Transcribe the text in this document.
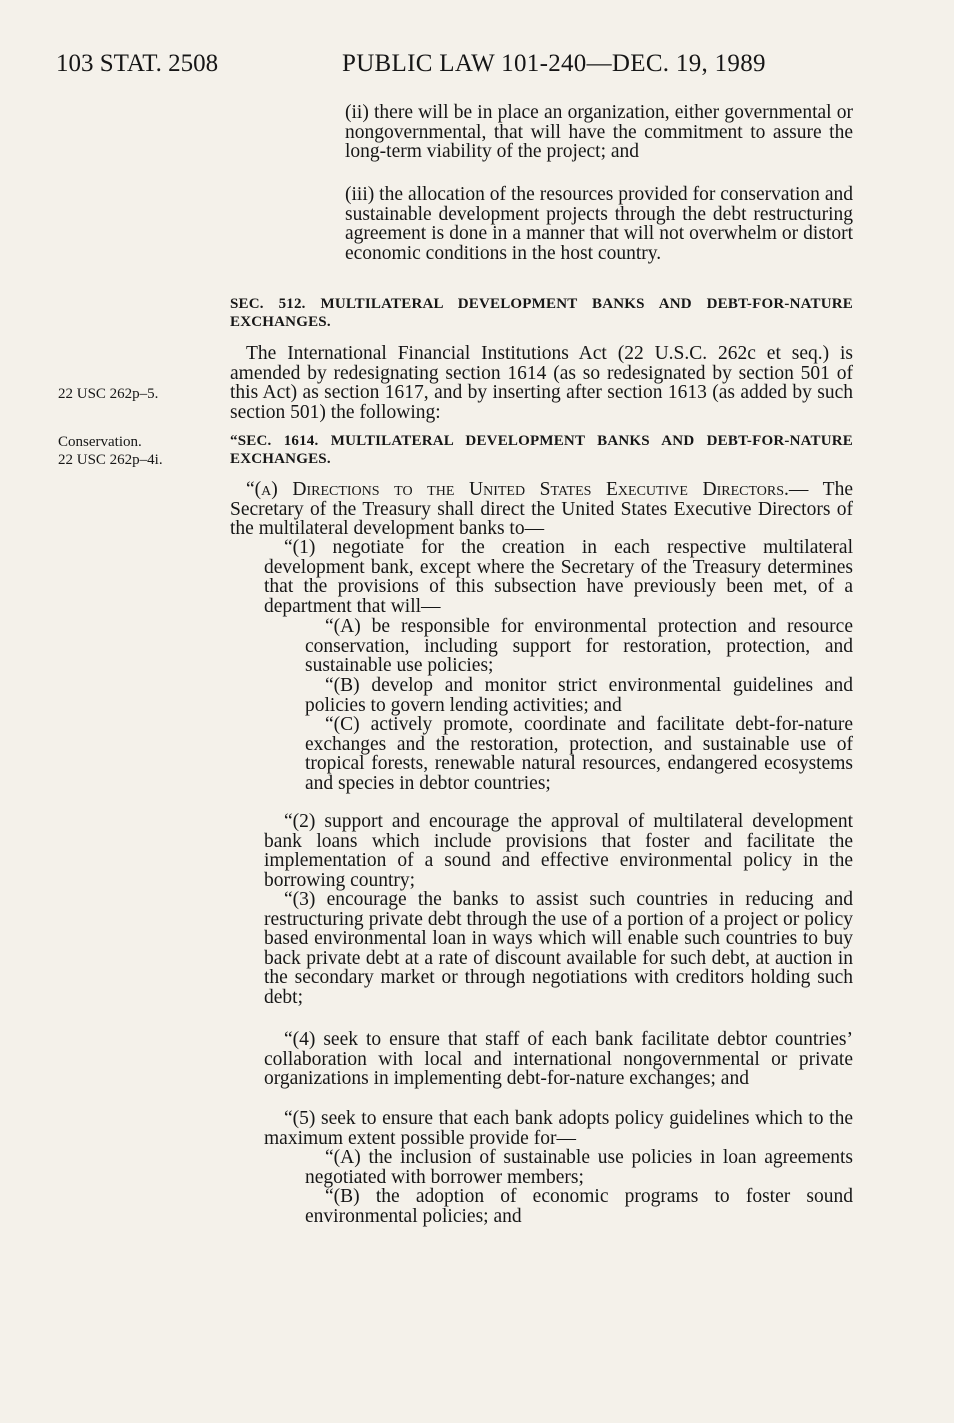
103 STAT. 2508	PUBLIC LAW 101-240—DEC. 19, 1989

(ii) there will be in place an organization, either governmental or nongovernmental, that will have the commitment to assure the long-term viability of the project; and

(iii) the allocation of the resources provided for conservation and sustainable development projects through the debt restructuring agreement is done in a manner that will not overwhelm or distort economic conditions in the host country.

SEC. 512. MULTILATERAL DEVELOPMENT BANKS AND DEBT-FOR-NATURE EXCHANGES.

The International Financial Institutions Act (22 U.S.C. 262c et seq.) is amended by redesignating section 1614 (as so redesignated by section 501 of this Act) as section 1617, and by inserting after section 1613 (as added by such section 501) the following:

“SEC. 1614. MULTILATERAL DEVELOPMENT BANKS AND DEBT-FOR-NATURE EXCHANGES.

“(a) Directions to the United States Executive Directors.— The Secretary of the Treasury shall direct the United States Executive Directors of the multilateral development banks to—

“(1) negotiate for the creation in each respective multilateral development bank, except where the Secretary of the Treasury determines that the provisions of this subsection have previously been met, of a department that will—

“(A) be responsible for environmental protection and resource conservation, including support for restoration, protection, and sustainable use policies;

“(B) develop and monitor strict environmental guidelines and policies to govern lending activities; and

“(C) actively promote, coordinate and facilitate debt-for-nature exchanges and the restoration, protection, and sustainable use of tropical forests, renewable natural resources, endangered ecosystems and species in debtor countries;

“(2) support and encourage the approval of multilateral development bank loans which include provisions that foster and facilitate the implementation of a sound and effective environmental policy in the borrowing country;

“(3) encourage the banks to assist such countries in reducing and restructuring private debt through the use of a portion of a project or policy based environmental loan in ways which will enable such countries to buy back private debt at a rate of discount available for such debt, at auction in the secondary market or through negotiations with creditors holding such debt;

“(4) seek to ensure that staff of each bank facilitate debtor countries’ collaboration with local and international nongovernmental or private organizations in implementing debt-for-nature exchanges; and

“(5) seek to ensure that each bank adopts policy guidelines which to the maximum extent possible provide for—

“(A) the inclusion of sustainable use policies in loan agreements negotiated with borrower members;

“(B) the adoption of economic programs to foster sound environmental policies; and

22 USC 262p–5.
Conservation.
22 USC 262p–4i.
